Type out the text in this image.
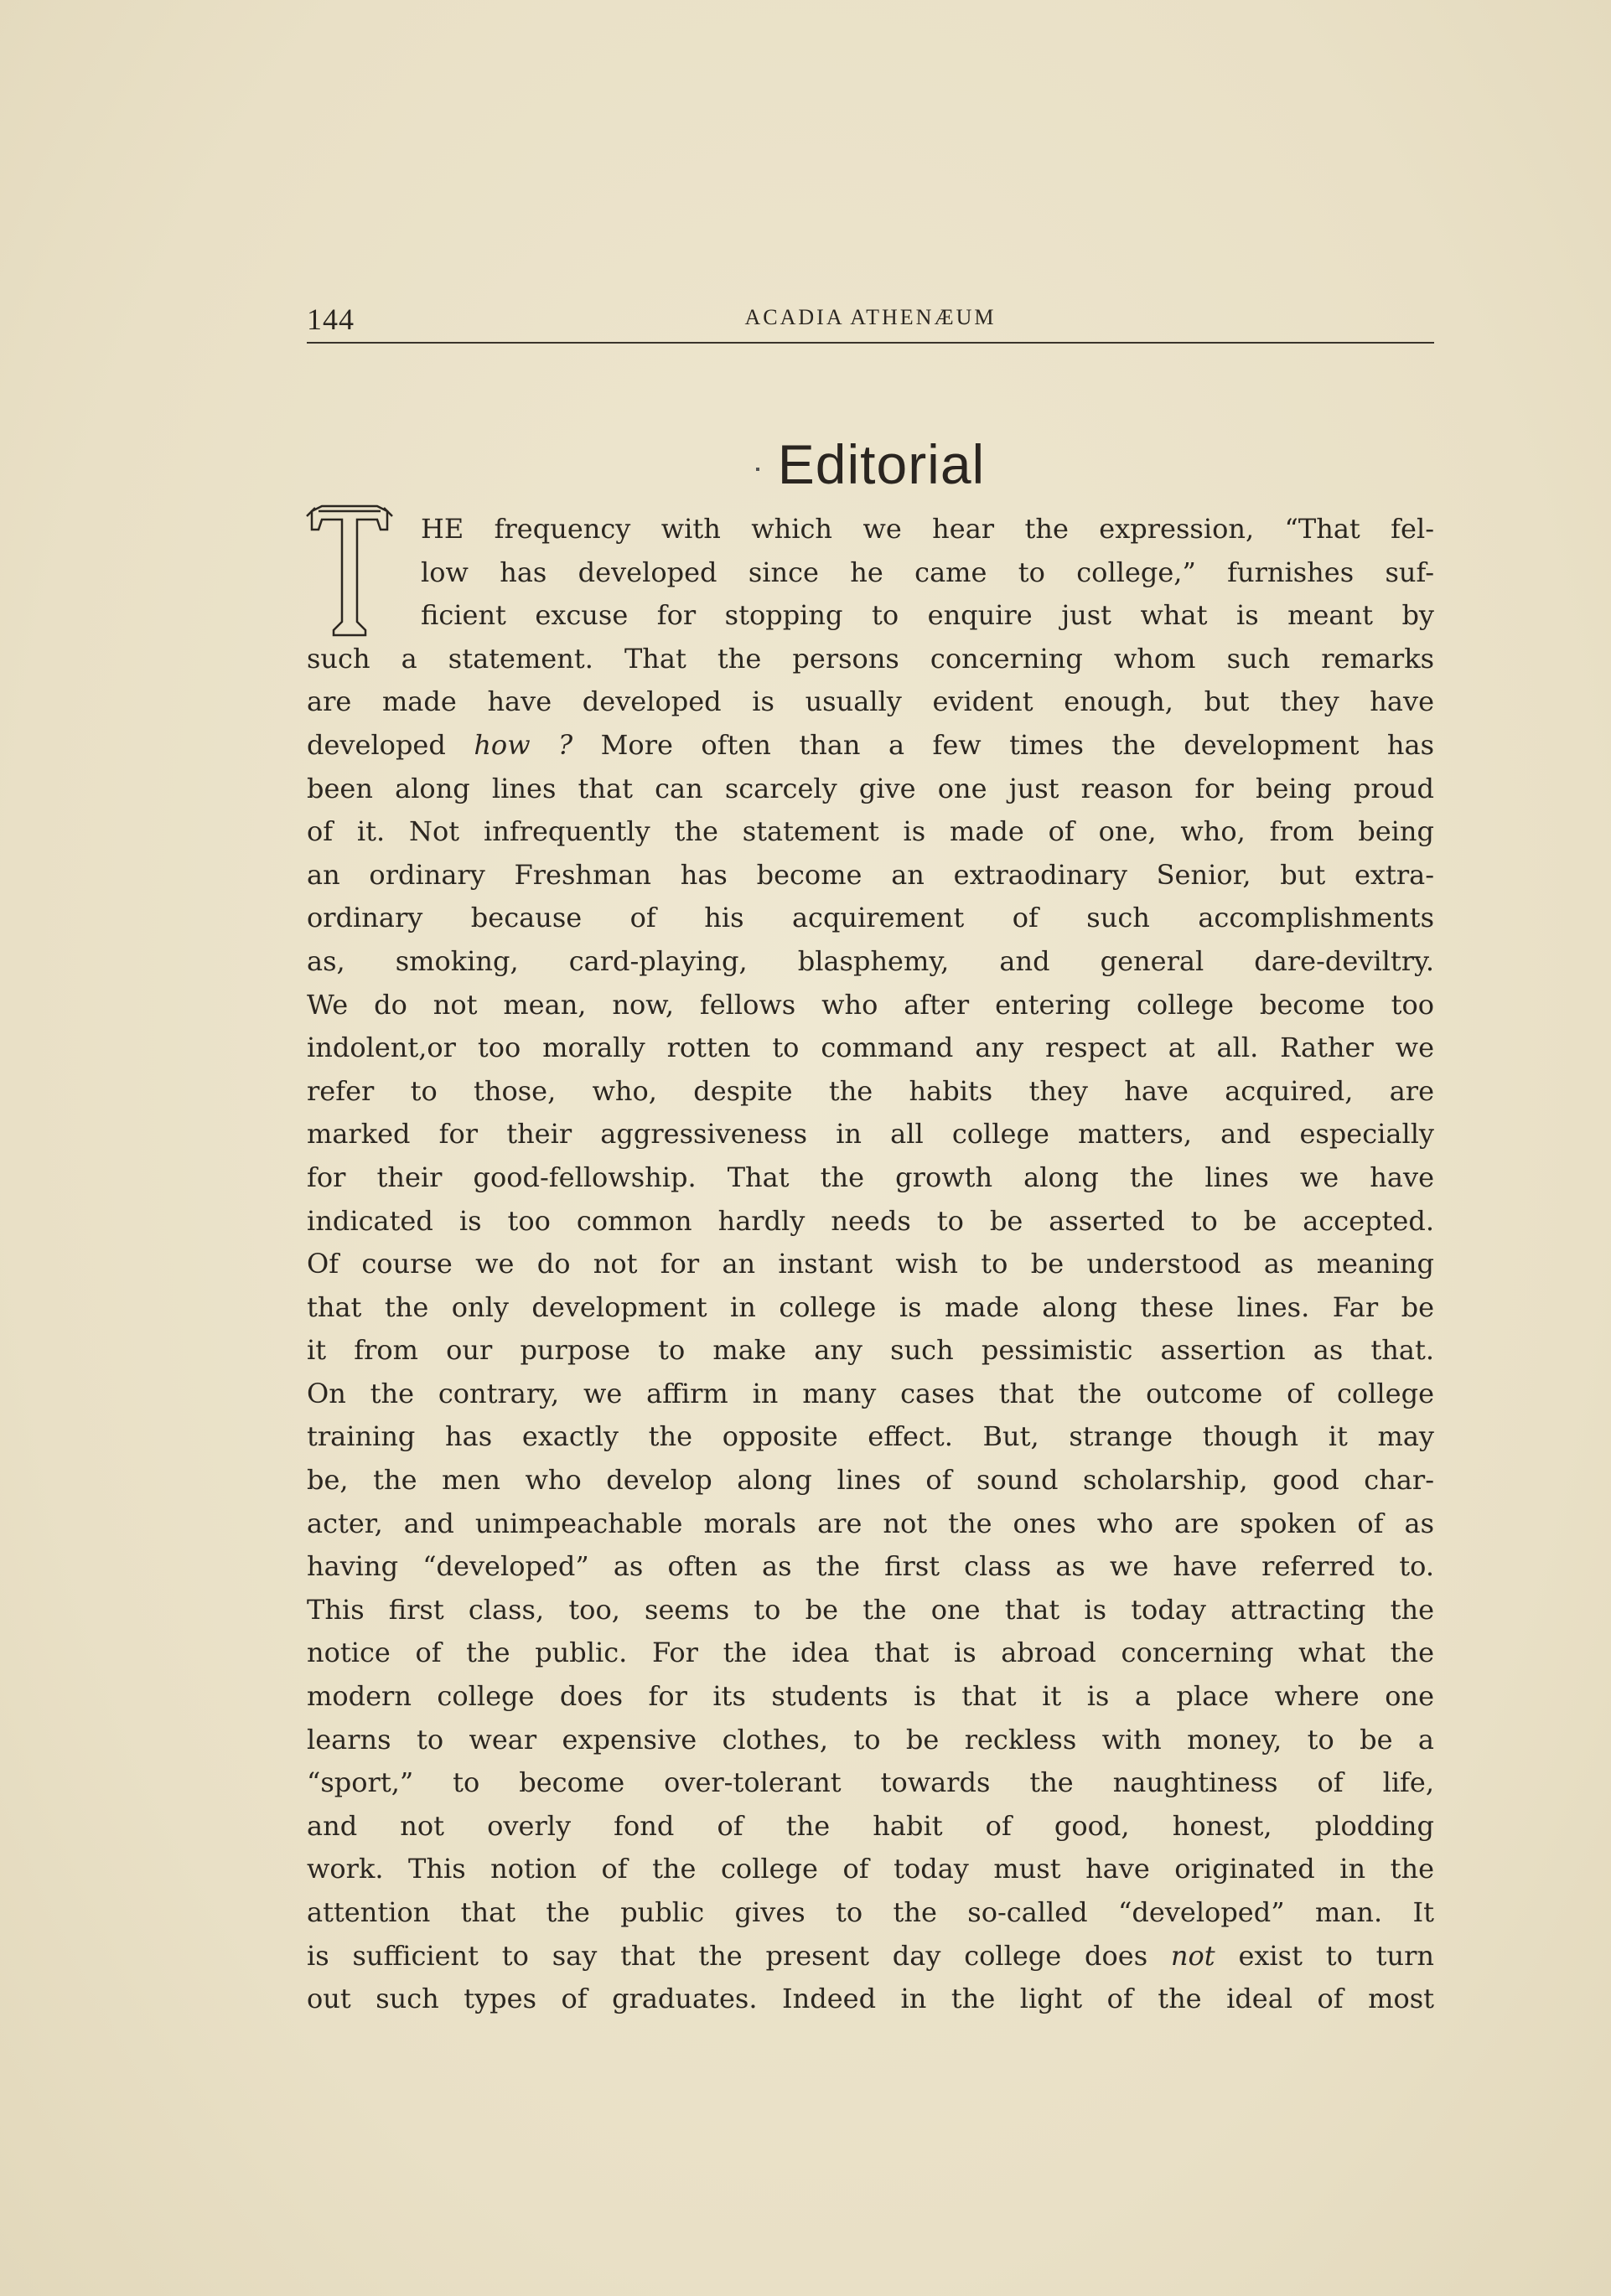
144	ACADIA ATHENÆUM
Editorial
HE frequency with which we hear the expression, “That fel-
low has developed since he came to college,” furnishes suf-
ficient excuse for stopping to enquire just what is meant by
such a statement. That the persons concerning whom such remarks
are made have developed is usually evident enough, but they have
developed how ? More often than a few times the development has
been along lines that can scarcely give one just reason for being proud
of it. Not infrequently the statement is made of one, who, from being
an ordinary Freshman has become an extraodinary Senior, but extra-
ordinary because of his acquirement of such accomplishments
as, smoking, card-playing, blasphemy, and general dare-deviltry.
We do not mean, now, fellows who after entering college become too
indolent,or too morally rotten to command any respect at all. Rather we
refer to those, who, despite the habits they have acquired, are
marked for their aggressiveness in all college matters, and especially
for their good-fellowship. That the growth along the lines we have
indicated is too common hardly needs to be asserted to be accepted.
Of course we do not for an instant wish to be understood as meaning
that the only development in college is made along these lines. Far be
it from our purpose to make any such pessimistic assertion as that.
On the contrary, we affirm in many cases that the outcome of college
training has exactly the opposite effect. But, strange though it may
be, the men who develop along lines of sound scholarship, good char-
acter, and unimpeachable morals are not the ones who are spoken of as
having “developed” as often as the first class as we have referred to.
This first class, too, seems to be the one that is today attracting the
notice of the public. For the idea that is abroad concerning what the
modern college does for its students is that it is a place where one
learns to wear expensive clothes, to be reckless with money, to be a
“sport,” to become over-tolerant towards the naughtiness of life,
and not overly fond of the habit of good, honest, plodding
work. This notion of the college of today must have originated in the
attention that the public gives to the so-called “developed” man. It
is sufficient to say that the present day college does not exist to turn
out such types of graduates. Indeed in the light of the ideal of most
